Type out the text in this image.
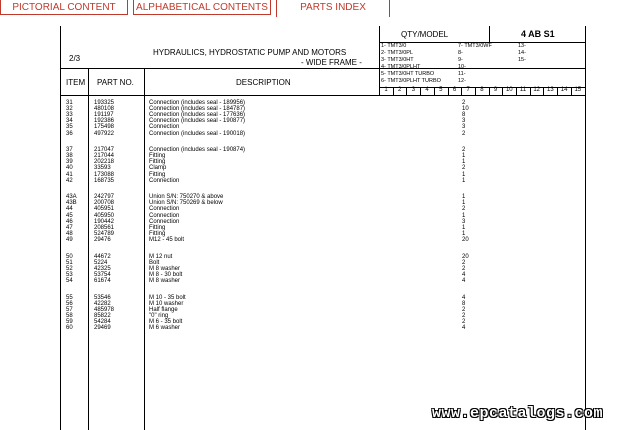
PICTORIAL CONTENT	ALPHABETICAL CONTENTS	PARTS INDEX
2/3
HYDRAULICS, HYDROSTATIC PUMP AND MOTORS
- WIDE FRAME -
QTY/MODEL	4 AB S1
1- TMT3/0
2- TMT3/0PL
3- TMT3/0HT
4- TMT3/0PLHT
5- TMT3/0HT TURBO
6- TMT3/0PLHT TURBO
7- TMT3/0WF
8-
9-
10-
11-
12-
13-
14-
15-
ITEM PART NO.	DESCRIPTION
1	2	3	4	5	6	7	8	9	10	11	12	13	14	15
31	193325	Connection (includes seal - 189956)	2
32	480108	Connection (includes seal - 184787)	10
33	191197	Connection (includes seal - 177636)	8
34	192386	Connection (includes seal - 190877)	3
35	175498	Connection	3
36	497922	Connection (includes seal - 190018)	2
37	217047	Connection (includes seal - 190874)	2
38	217044	Fitting	1
39	202218	Fitting	1
40	33593	Clamp	2
41	173088	Fitting	1
42	168735	Connection	1
43A	242797	Union S/N: 750270 & above	1
43B	200708	Union S/N: 750269 & below	1
44	405951	Connection	2
45	405950	Connection	1
46	190442	Connection	3
47	208561	Fitting	1
48	524789	Fitting	1
49	29476	M12 - 45 bolt	20
50	44672	M 12 nut	20
51	5224	Bolt	2
52	42325	M 8 washer	2
53	53754	M 8 - 30 bolt	4
54	61674	M 8 washer	4
55	53546	M 10 - 35 bolt	4
56	42282	M 10 washer	8
57	485978	Half flange	2
58	85822	"0" ring	2
59	54284	M 6 - 35 bolt	2
60	29469	M 6 washer	4
www.epcatalogs.com
